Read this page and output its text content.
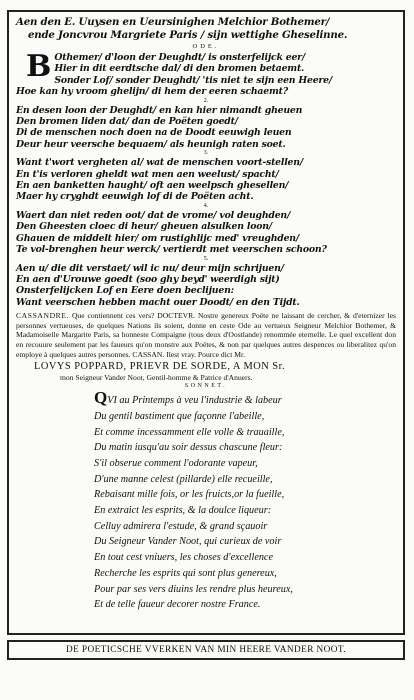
Aen den E. Uuysen en Ueursinighen Melchior Bothemer/
ende Joncvrou Margriete Paris / sijn wettighe Gheselinne.
ODE.
B Othemer/ d'loon der Deughdt/ is onsterfelijck eer/
Hier in dit eerdtsche dal/ di den bromen betaemt.
Sonder Lof/ sonder Deughdt/ 'tis niet te sijn een Heere/
Hoe kan hy vroom ghelijn/ di hem der eeren schaemt?
2.
En desen loon der Deughdt/ en kan hier nimandt gheuen
Den bromen liden dat/ dan de Poëten goedt/
Di de menschen noch doen na de Doodt eeuwigh leuen
Deur heur veersche bequaem/ als heunigh raten soet.
3.
Want t'wort vergheten al/ wat de menschen voort-stellen/
En t'is verloren gheldt wat men aen weelust/ spacht/
En aen banketten haught/ oft aen weelpsch ghesellen/
Maer hy cryghdt eeuwigh lof di de Poëten acht.
4.
Waert dan niet reden oot/ dat de vrome/ vol deughden/
Den Gheesten cloec di heur/ gheuen alsulken loon/
Ghauen de middelt hier/ om rustighlijc med' vreughden/
Te vol-brenghen heur werck/ vertierdt met veerschen schoon?
5.
Aen u/ die dit verstaet/ wil ic nu/ deur mijn schrijuen/
En aen d'Urouwe goedt (soo ghy beyd' weerdigh sijt)
Onsterfelijcken Lof en Eere doen beclijuen:
Want veerschen hebben macht ouer Doodt/ en den Tijdt.

CASSANDRE. Que contiennent ces vers? DOCTEVR. Nostre genereux Poëte ne laissant de cercher, & d'eternizer les personnes vertueuses, de quelques Nations ils soient, donne en ceste Ode au vertueux Seigneur Melchior Bothemer, & Madamoiselle Margarite Paris, sa honneste Compaigne (tous deux d'Oostlande) renommée eternelle. Le quel excellent don en recouure seulement par les faueurs qu'on monstre aux Poëtes, & non par quelques autres despences ou liberalitez qu'on employe à quelques autres personnes. CASSAN. Ilest vray. Pource dict Mr.

LOVYS POPPARD, PRIEVR DE SORDE, A MON Sr.
mon Seigneur Vander Noot, Gentil-homme & Patrice d'Anuers.
SONNET.
QVI au Printemps à veu l'industrie & labeur
Du gentil bastiment que façonne l'abeille,
Et comme incessamment elle volle & trauaille,
Du matin iusqu'au soir dessus chascune fleur:
S'il obserue comment l'odorante vapeur,
D'une manne celest (pillarde) elle recueille,
Rebaisant mille fois, or les fruicts,or la fueille,
En extraict les esprits, & la doulce liqueur:
Celluy admirera l'estude, & grand sçauoir
Du Seigneur Vander Noot, qui curieux de voir
En tout cest vniuers, les choses d'excellence
Recherche les esprits qui sont plus genereux,
Pour par ses vers diuins les rendre plus heureux,
Et de telle faueur decorer nostre France.
DE POETICSCHE VVERKEN VAN MIN HEERE VANDER NOOT.
